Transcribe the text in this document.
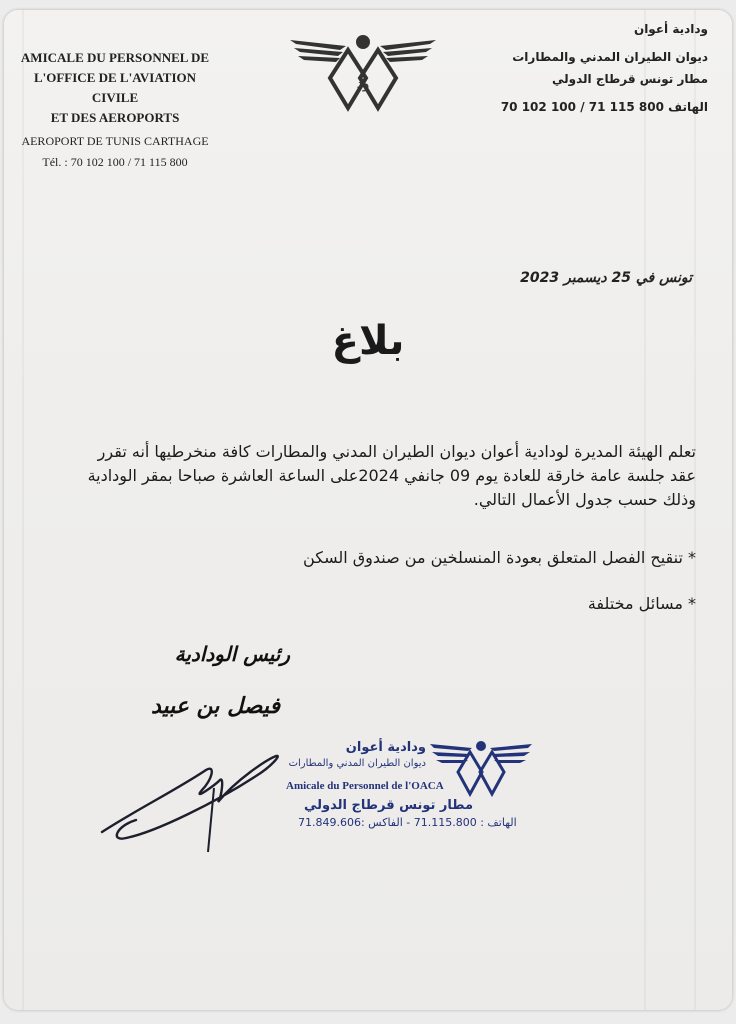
AMICALE DU PERSONNEL DE
L'OFFICE DE L'AVIATION CIVILE
ET DES AEROPORTS
AEROPORT DE TUNIS CARTHAGE
Tél. : 70 102 100 / 71 115 800
ود
ودادية أعوان
ديوان الطيران المدني والمطارات
مطار تونس قرطاج الدولي
الهاتف 800 115 71 / 100 102 70
تونس في 25 ديسمبر 2023
بلاغ
تعلم الهيئة المديرة لودادية أعوان ديوان الطيران المدني والمطارات كافة منخرطيها أنه تقرر عقد جلسة عامة خارقة للعادة يوم 09 جانفي 2024على الساعة العاشرة صباحا بمقر الودادية وذلك حسب جدول الأعمال التالي.
* تنقيح الفصل المتعلق بعودة المنسلخين من صندوق السكن
* مسائل مختلفة
رئيس الودادية
فيصل بن عبيد
ودادية أعوان
ديوان الطيران المدني والمطارات
Amicale du Personnel de l'OACA
مطار تونس قرطاج الدولي
الهاتف : 71.115.800 - الفاكس :71.849.606
